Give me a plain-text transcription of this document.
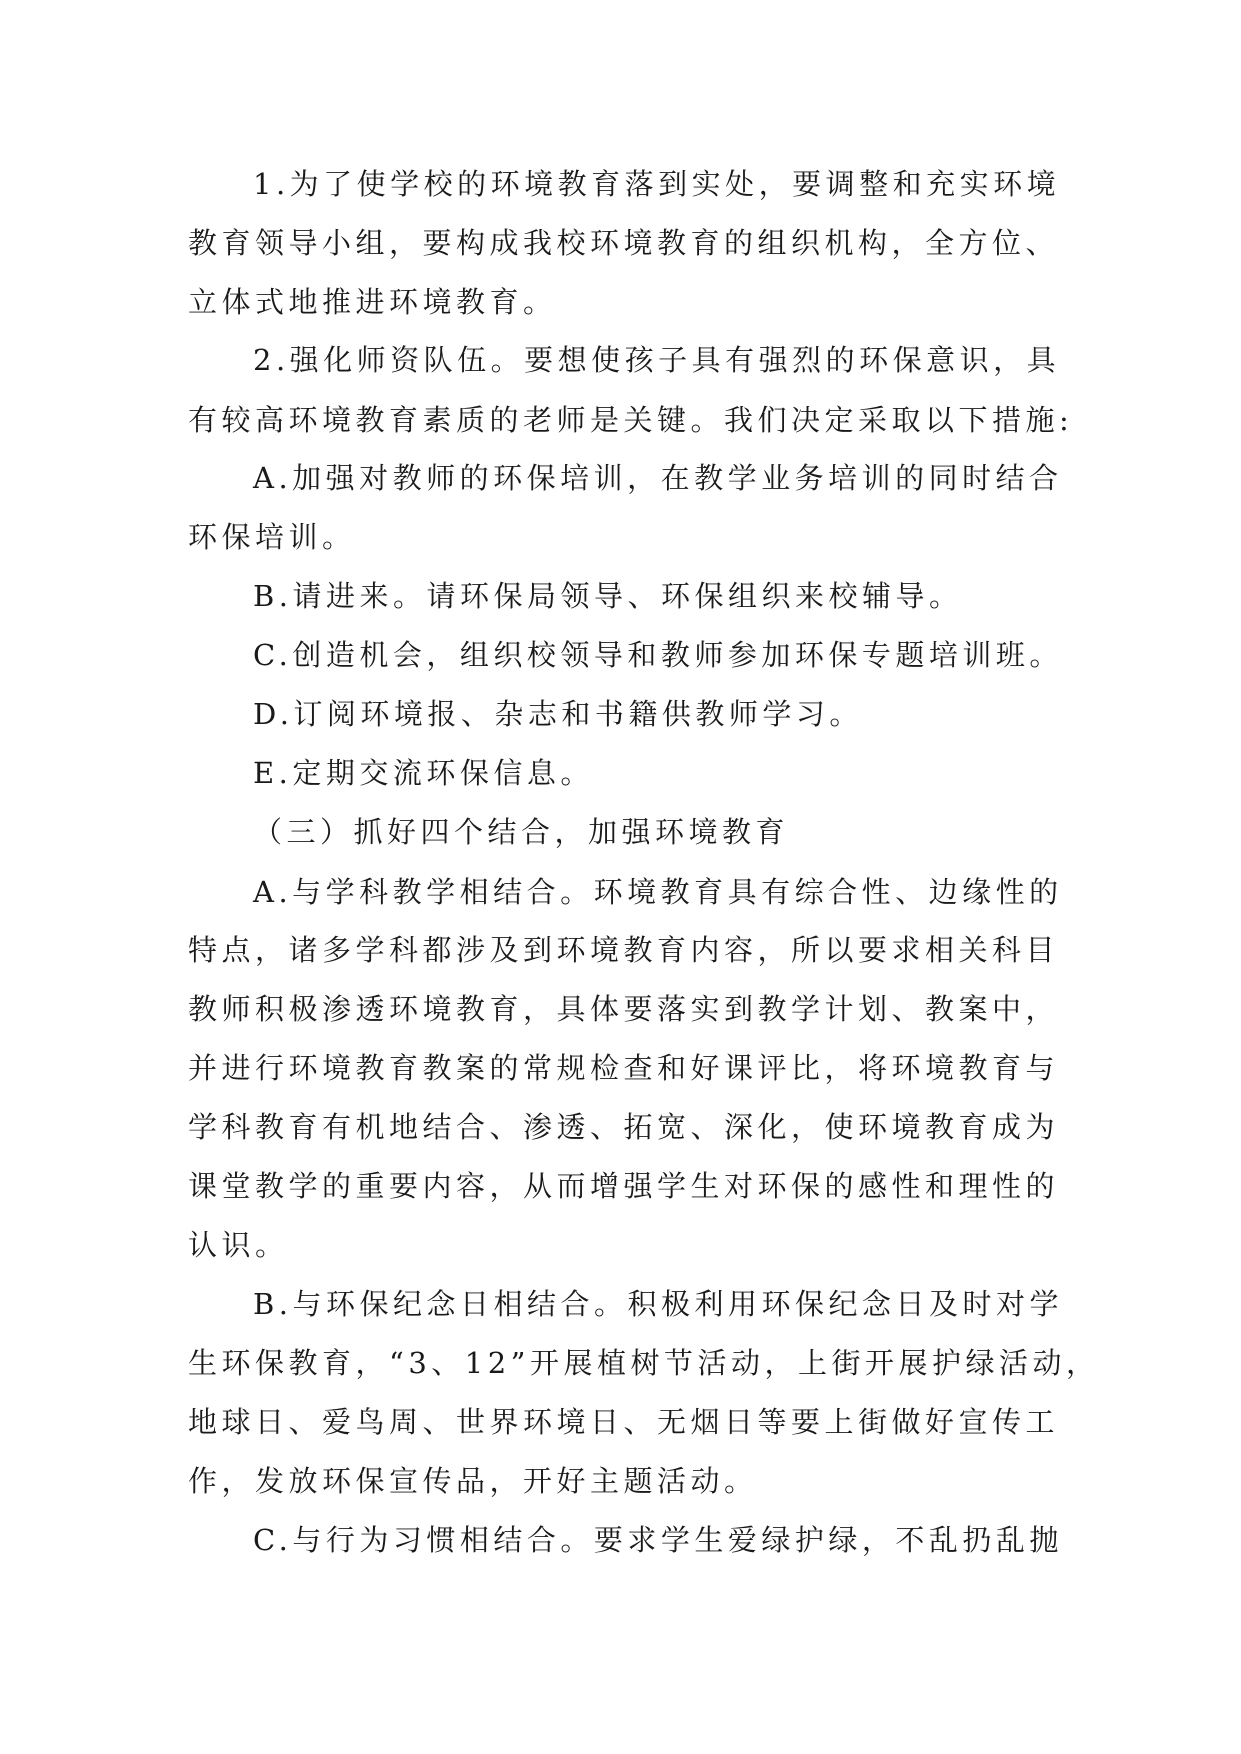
1.为了使学校的环境教育落到实处，要调整和充实环境
教育领导小组，要构成我校环境教育的组织机构，全方位、
立体式地推进环境教育。
2.强化师资队伍。要想使孩子具有强烈的环保意识，具
有较高环境教育素质的老师是关键。我们决定采取以下措施:
A.加强对教师的环保培训，在教学业务培训的同时结合
环保培训。
B.请进来。请环保局领导、环保组织来校辅导。
C.创造机会，组织校领导和教师参加环保专题培训班。
D.订阅环境报、杂志和书籍供教师学习。
E.定期交流环保信息。
（三）抓好四个结合，加强环境教育
A.与学科教学相结合。环境教育具有综合性、边缘性的
特点，诸多学科都涉及到环境教育内容，所以要求相关科目
教师积极渗透环境教育，具体要落实到教学计划、教案中，
并进行环境教育教案的常规检查和好课评比，将环境教育与
学科教育有机地结合、渗透、拓宽、深化，使环境教育成为
课堂教学的重要内容，从而增强学生对环保的感性和理性的
认识。
B.与环保纪念日相结合。积极利用环保纪念日及时对学
生环保教育，“3、12”开展植树节活动，上街开展护绿活动，
地球日、爱鸟周、世界环境日、无烟日等要上街做好宣传工
作，发放环保宣传品，开好主题活动。
C.与行为习惯相结合。要求学生爱绿护绿，不乱扔乱抛
